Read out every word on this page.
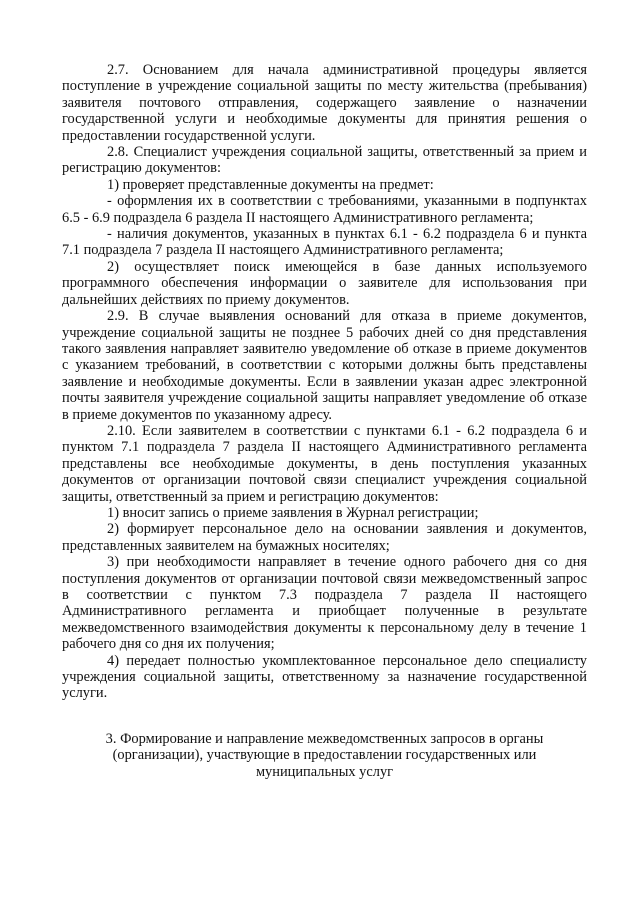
2.7. Основанием для начала административной процедуры является поступление в учреждение социальной защиты по месту жительства (пребывания) заявителя почтового отправления, содержащего заявление о назначении государственной услуги и необходимые документы для принятия решения о предоставлении государственной услуги.

2.8. Специалист учреждения социальной защиты, ответственный за прием и регистрацию документов:

1) проверяет представленные документы на предмет:

- оформления их в соответствии с требованиями, указанными в подпунктах 6.5 - 6.9 подраздела 6 раздела II настоящего Административного регламента;

- наличия документов, указанных в пунктах 6.1 - 6.2 подраздела 6 и пункта 7.1 подраздела 7 раздела II настоящего Административного регламента;

2) осуществляет поиск имеющейся в базе данных используемого программного обеспечения информации о заявителе для использования при дальнейших действиях по приему документов.

2.9. В случае выявления оснований для отказа в приеме документов, учреждение социальной защиты не позднее 5 рабочих дней со дня представления такого заявления направляет заявителю уведомление об отказе в приеме документов с указанием требований, в соответствии с которыми должны быть представлены заявление и необходимые документы. Если в заявлении указан адрес электронной почты заявителя учреждение социальной защиты направляет уведомление об отказе в приеме документов по указанному адресу.

2.10. Если заявителем в соответствии с пунктами 6.1 - 6.2 подраздела 6 и пунктом 7.1 подраздела 7 раздела II настоящего Административного регламента представлены все необходимые документы, в день поступления указанных документов от организации почтовой связи специалист учреждения социальной защиты, ответственный за прием и регистрацию документов:

1) вносит запись о приеме заявления в Журнал регистрации;

2) формирует персональное дело на основании заявления и документов, представленных заявителем на бумажных носителях;

3) при необходимости направляет в течение одного рабочего дня со дня поступления документов от организации почтовой связи межведомственный запрос в соответствии с пунктом 7.3 подраздела 7 раздела II настоящего Административного регламента и приобщает полученные в результате межведомственного взаимодействия документы к персональному делу в течение 1 рабочего дня со дня их получения;

4) передает полностью укомплектованное персональное дело специалисту учреждения социальной защиты, ответственному за назначение государственной услуги.

3. Формирование и направление межведомственных запросов в органы (организации), участвующие в предоставлении государственных или муниципальных услуг
